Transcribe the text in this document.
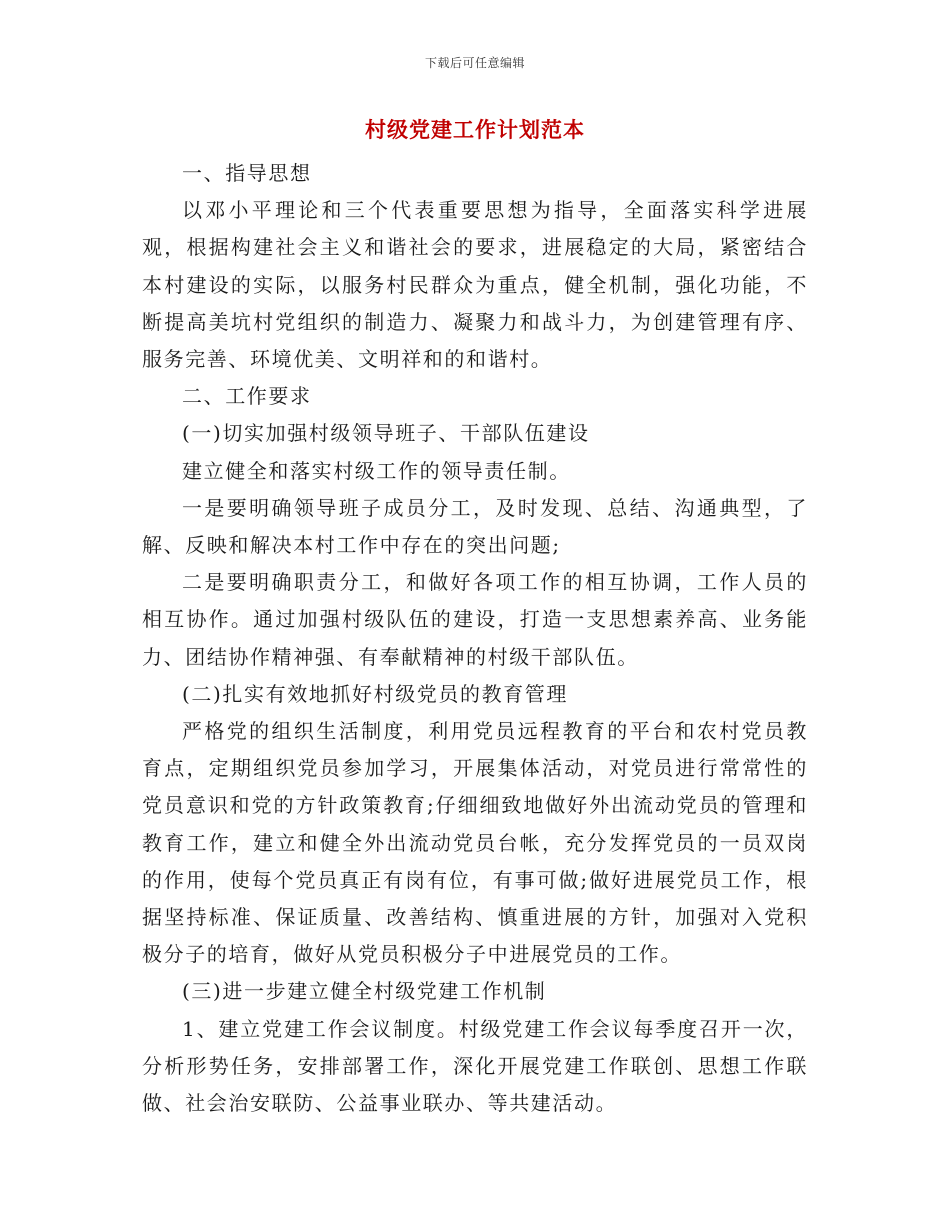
下载后可任意编辑
村级党建工作计划范本

一、指导思想

以邓小平理论和三个代表重要思想为指导，全面落实科学进展观，根据构建社会主义和谐社会的要求，进展稳定的大局，紧密结合本村建设的实际，以服务村民群众为重点，健全机制，强化功能，不断提高美坑村党组织的制造力、凝聚力和战斗力，为创建管理有序、服务完善、环境优美、文明祥和的和谐村。

二、工作要求

(一)切实加强村级领导班子、干部队伍建设

建立健全和落实村级工作的领导责任制。

一是要明确领导班子成员分工，及时发现、总结、沟通典型，了解、反映和解决本村工作中存在的突出问题;

二是要明确职责分工，和做好各项工作的相互协调，工作人员的相互协作。通过加强村级队伍的建设，打造一支思想素养高、业务能力、团结协作精神强、有奉献精神的村级干部队伍。

(二)扎实有效地抓好村级党员的教育管理

严格党的组织生活制度，利用党员远程教育的平台和农村党员教育点，定期组织党员参加学习，开展集体活动，对党员进行常常性的党员意识和党的方针政策教育;仔细细致地做好外出流动党员的管理和教育工作，建立和健全外出流动党员台帐，充分发挥党员的一员双岗的作用，使每个党员真正有岗有位，有事可做;做好进展党员工作，根据坚持标准、保证质量、改善结构、慎重进展的方针，加强对入党积极分子的培育，做好从党员积极分子中进展党员的工作。

(三)进一步建立健全村级党建工作机制

1、建立党建工作会议制度。村级党建工作会议每季度召开一次，分析形势任务，安排部署工作，深化开展党建工作联创、思想工作联做、社会治安联防、公益事业联办、等共建活动。
